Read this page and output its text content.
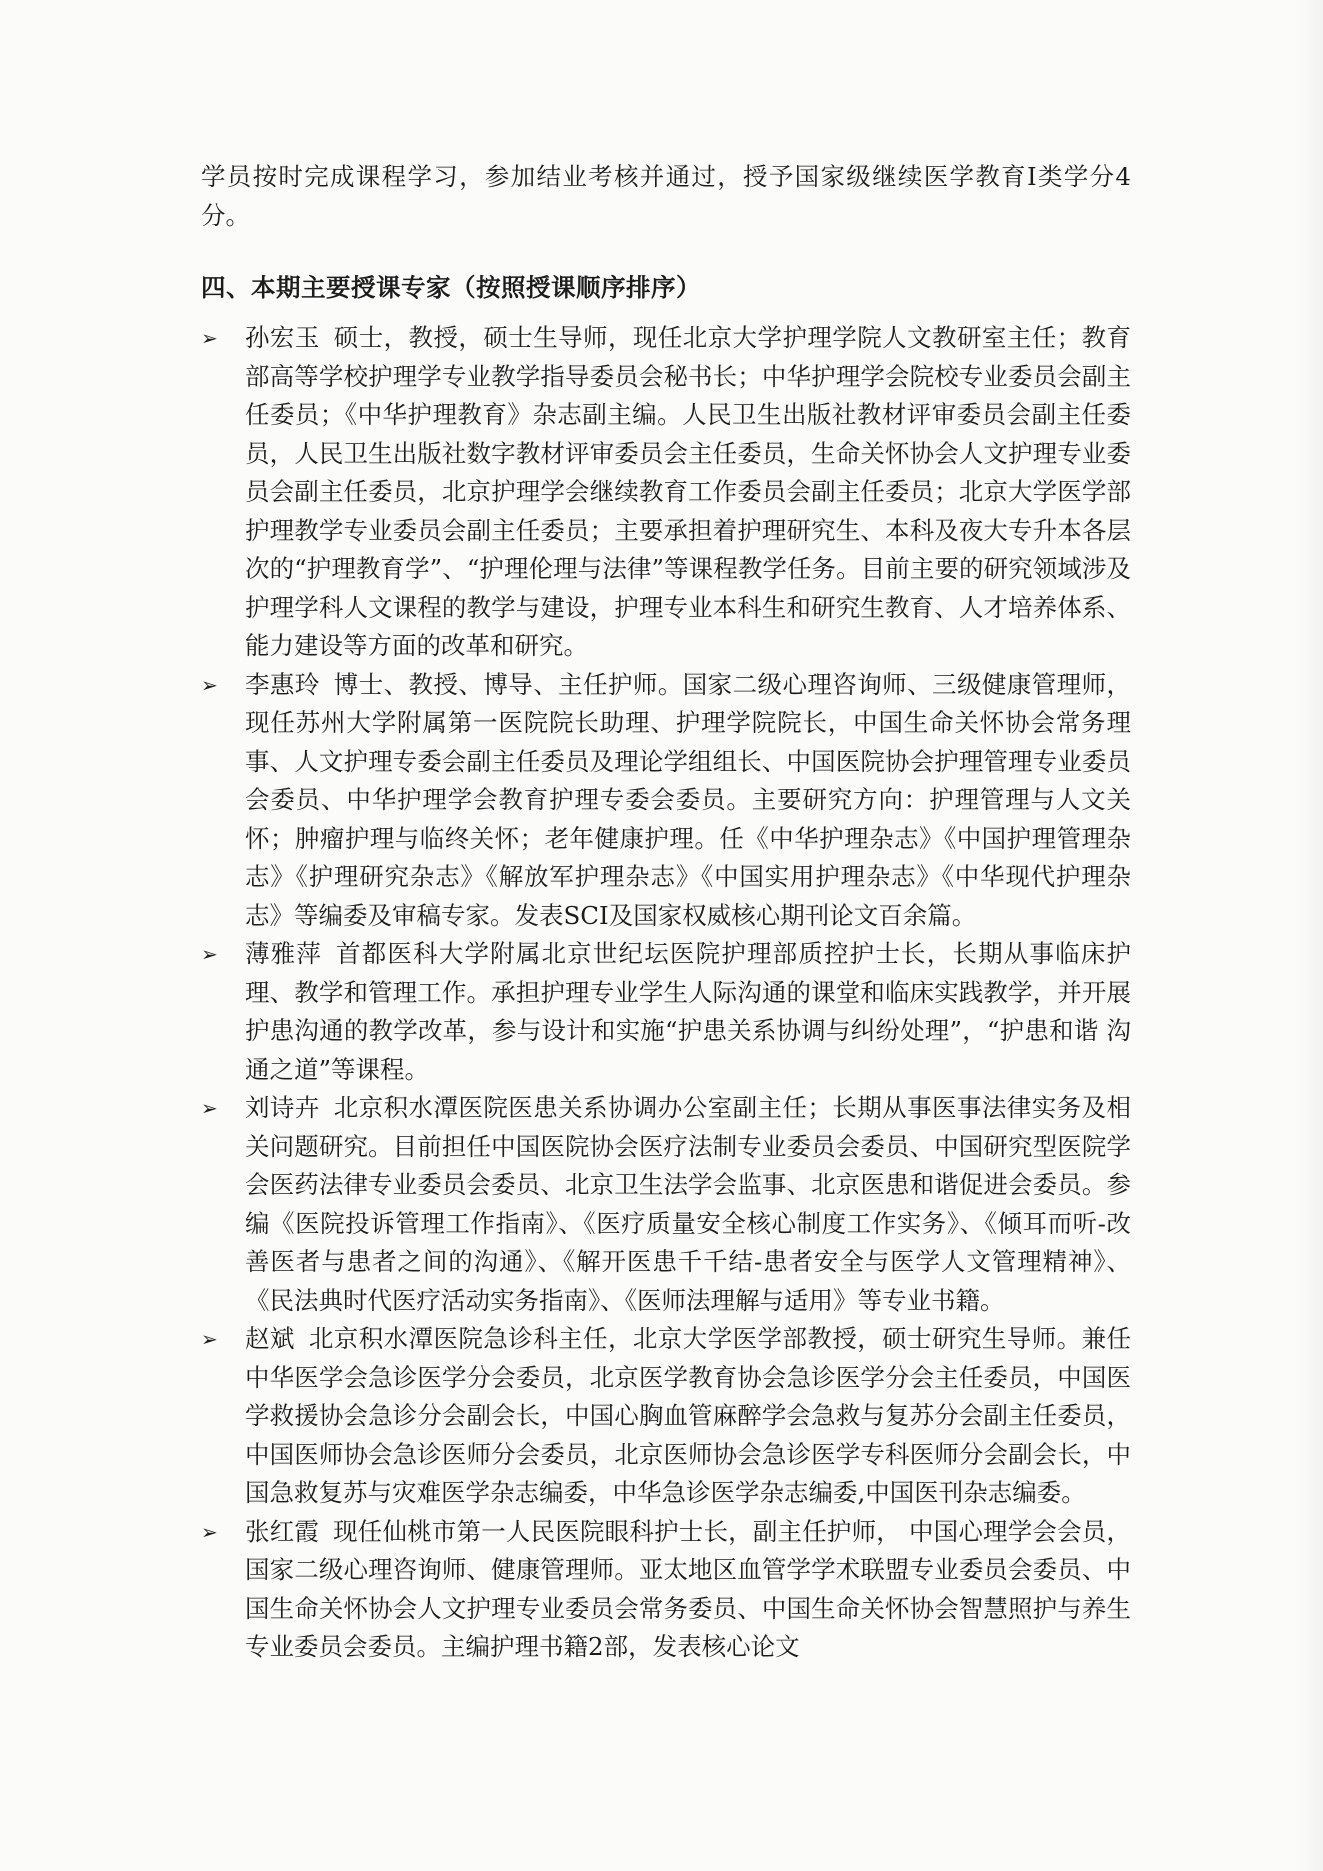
学员按时完成课程学习，参加结业考核并通过，授予国家级继续医学教育Ⅰ类学分4分。

四、本期主要授课专家（按照授课顺序排序）
➢ 孙宏玉 硕士，教授，硕士生导师，现任北京大学护理学院人文教研室主任；教育部高等学校护理学专业教学指导委员会秘书长；中华护理学会院校专业委员会副主任委员；《中华护理教育》杂志副主编。人民卫生出版社教材评审委员会副主任委员，人民卫生出版社数字教材评审委员会主任委员，生命关怀协会人文护理专业委员会副主任委员，北京护理学会继续教育工作委员会副主任委员；北京大学医学部护理教学专业委员会副主任委员；主要承担着护理研究生、本科及夜大专升本各层次的“护理教育学”、“护理伦理与法律”等课程教学任务。目前主要的研究领域涉及护理学科人文课程的教学与建设，护理专业本科生和研究生教育、人才培养体系、能力建设等方面的改革和研究。
➢ 李惠玲 博士、教授、博导、主任护师。国家二级心理咨询师、三级健康管理师，现任苏州大学附属第一医院院长助理、护理学院院长，中国生命关怀协会常务理事、人文护理专委会副主任委员及理论学组组长、中国医院协会护理管理专业委员会委员、中华护理学会教育护理专委会委员。主要研究方向：护理管理与人文关怀；肿瘤护理与临终关怀；老年健康护理。任《中华护理杂志》《中国护理管理杂志》《护理研究杂志》《解放军护理杂志》《中国实用护理杂志》《中华现代护理杂志》等编委及审稿专家。发表SCI及国家权威核心期刊论文百余篇。
➢ 薄雅萍 首都医科大学附属北京世纪坛医院护理部质控护士长，长期从事临床护理、教学和管理工作。承担护理专业学生人际沟通的课堂和临床实践教学，并开展护患沟通的教学改革，参与设计和实施“护患关系协调与纠纷处理”，“护患和谐 沟通之道”等课程。
➢ 刘诗卉 北京积水潭医院医患关系协调办公室副主任；长期从事医事法律实务及相关问题研究。目前担任中国医院协会医疗法制专业委员会委员、中国研究型医院学会医药法律专业委员会委员、北京卫生法学会监事、北京医患和谐促进会委员。参编《医院投诉管理工作指南》、《医疗质量安全核心制度工作实务》、《倾耳而听-改善医者与患者之间的沟通》、《解开医患千千结-患者安全与医学人文管理精神》、《民法典时代医疗活动实务指南》、《医师法理解与适用》等专业书籍。
➢ 赵斌 北京积水潭医院急诊科主任，北京大学医学部教授，硕士研究生导师。兼任中华医学会急诊医学分会委员，北京医学教育协会急诊医学分会主任委员，中国医学救援协会急诊分会副会长，中国心胸血管麻醉学会急救与复苏分会副主任委员，中国医师协会急诊医师分会委员，北京医师协会急诊医学专科医师分会副会长，中国急救复苏与灾难医学杂志编委，中华急诊医学杂志编委,中国医刊杂志编委。
➢ 张红霞 现任仙桃市第一人民医院眼科护士长，副主任护师， 中国心理学会会员，国家二级心理咨询师、健康管理师。亚太地区血管学学术联盟专业委员会委员、中国生命关怀协会人文护理专业委员会常务委员、中国生命关怀协会智慧照护与养生专业委员会委员。主编护理书籍2部，发表核心论文
